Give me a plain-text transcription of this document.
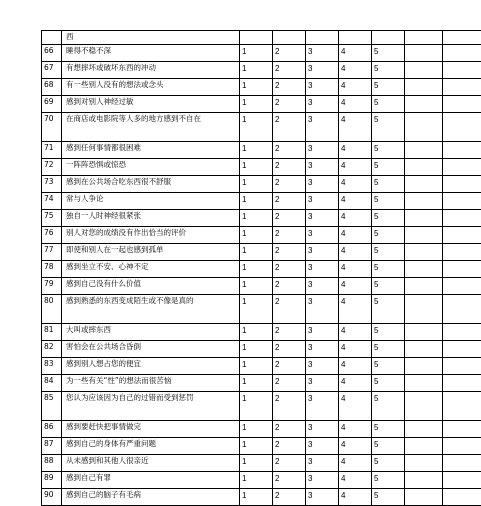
	西							
66	睡得不稳不深	1	2	3	4	5		
67	有想摔坏或破坏东西的冲动	1	2	3	4	5		
68	有一些别人没有的想法或念头	1	2	3	4	5		
69	感到对别人神经过敏	1	2	3	4	5		
70	在商店或电影院等人多的地方感到不自在	1	2	3	4	5		
71	感到任何事情都很困难	1	2	3	4	5		
72	一阵阵恐惧或惊恐	1	2	3	4	5		
73	感到在公共场合吃东西很不舒服	1	2	3	4	5		
74	常与人争论	1	2	3	4	5		
75	独自一人时神经很紧张	1	2	3	4	5		
76	别人对您的成绩没有作出恰当的评价	1	2	3	4	5		
77	即使和别人在一起也感到孤单	1	2	3	4	5		
78	感到坐立不安、心神不定	1	2	3	4	5		
79	感到自己没有什么价值	1	2	3	4	5		
80	感到熟悉的东西变成陌生或不像是真的	1	2	3	4	5		
81	大叫或摔东西	1	2	3	4	5		
82	害怕会在公共场合昏倒	1	2	3	4	5		
83	感到别人想占您的便宜	1	2	3	4	5		
84	为一些有关“性”的想法而很苦恼	1	2	3	4	5		
85	您认为应该因为自己的过错而受到惩罚	1	2	3	4	5		
86	感到要赶快把事情做完	1	2	3	4	5		
87	感到自己的身体有严重问题	1	2	3	4	5		
88	从未感到和其他人很亲近	1	2	3	4	5		
89	感到自己有罪	1	2	3	4	5		
90	感到自己的脑子有毛病	1	2	3	4	5		
